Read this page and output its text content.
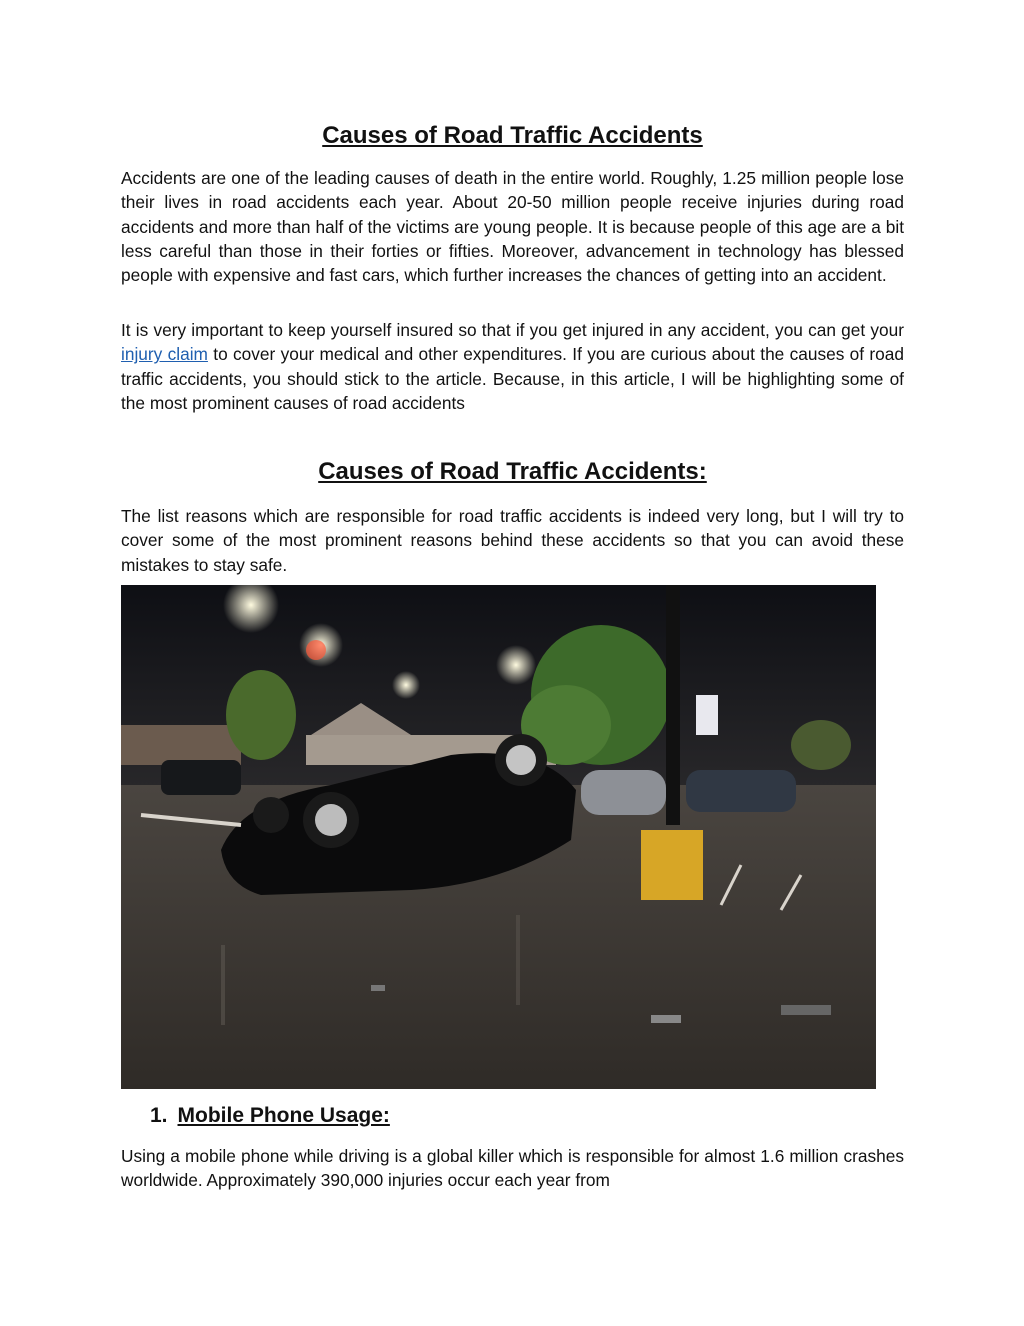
Causes of Road Traffic Accidents

Accidents are one of the leading causes of death in the entire world. Roughly, 1.25 million people lose their lives in road accidents each year. About 20-50 million people receive injuries during road accidents and more than half of the victims are young people. It is because people of this age are a bit less careful than those in their forties or fifties. Moreover, advancement in technology has blessed people with expensive and fast cars, which further increases the chances of getting into an accident.

It is very important to keep yourself insured so that if you get injured in any accident, you can get your injury claim to cover your medical and other expenditures. If you are curious about the causes of road traffic accidents, you should stick to the article. Because, in this article, I will be highlighting some of the most prominent causes of road accidents

Causes of Road Traffic Accidents:

The list reasons which are responsible for road traffic accidents is indeed very long, but I will try to cover some of the most prominent reasons behind these accidents so that you can avoid these mistakes to stay safe.

1. Mobile Phone Usage:

Using a mobile phone while driving is a global killer which is responsible for almost 1.6 million crashes worldwide. Approximately 390,000 injuries occur each year from
